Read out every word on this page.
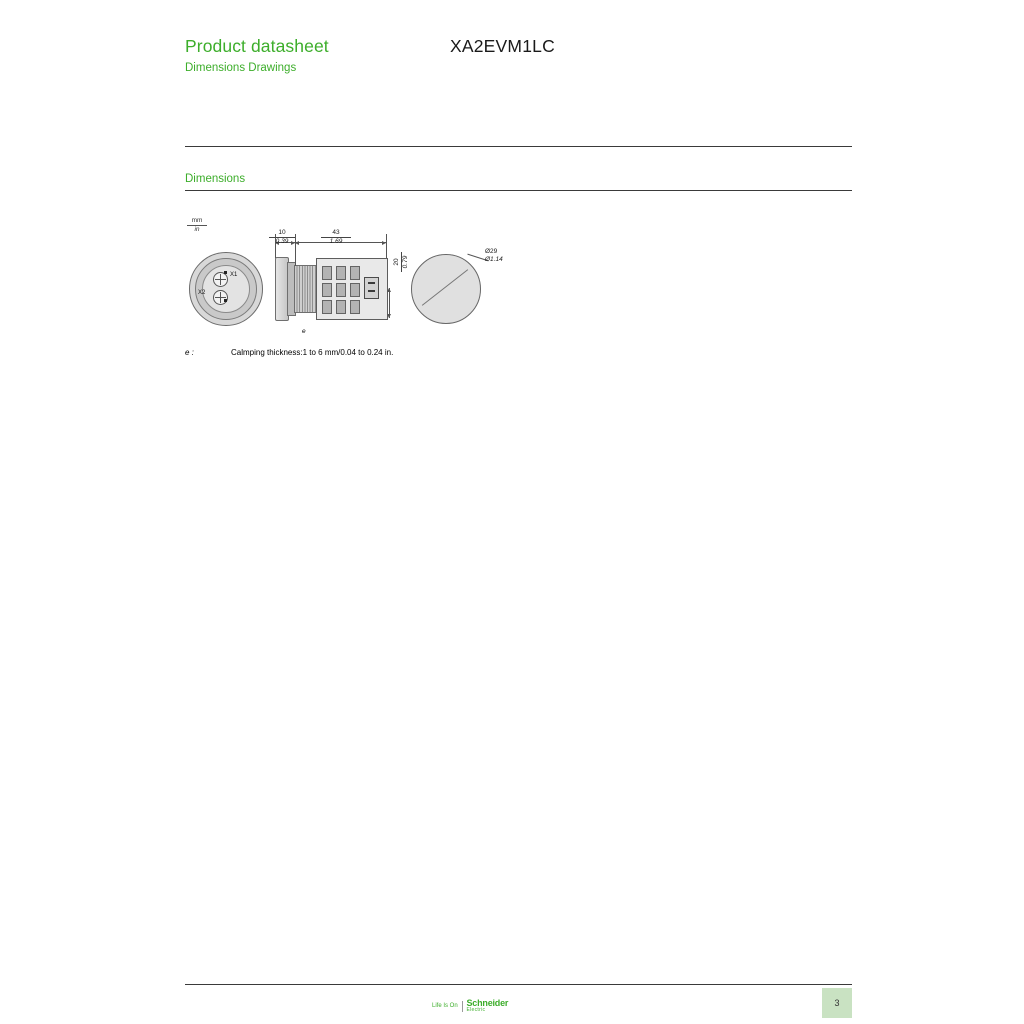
Product datasheet
Dimensions Drawings
XA2EVM1LC
Dimensions
mm
in
X1
X2
10
0.39
43
1.69
20 0.79
Ø29
Ø1.14
e
e :	Calmping thickness:1 to 6 mm/0.04 to 0.24 in.
Life Is On Schneider
Electric
3
